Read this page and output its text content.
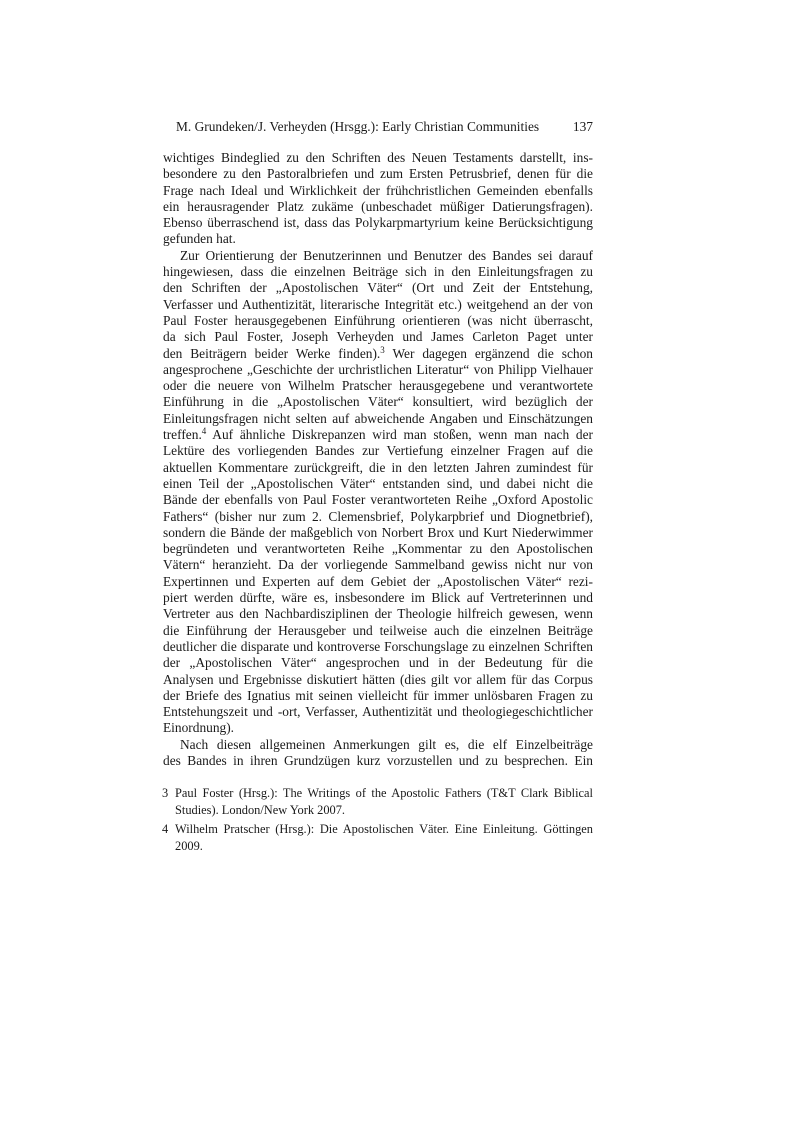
M. Grundeken/J. Verheyden (Hrsgg.): Early Christian Communities	137
wichtiges Bindeglied zu den Schriften des Neuen Testaments darstellt, ins-
besondere zu den Pastoralbriefen und zum Ersten Petrusbrief, denen für die
Frage nach Ideal und Wirklichkeit der frühchristlichen Gemeinden ebenfalls
ein herausragender Platz zukäme (unbeschadet müßiger Datierungsfragen).
Ebenso überraschend ist, dass das Polykarpmartyrium keine Berücksichtigung
gefunden hat.
Zur Orientierung der Benutzerinnen und Benutzer des Bandes sei darauf
hingewiesen, dass die einzelnen Beiträge sich in den Einleitungsfragen zu
den Schriften der „Apostolischen Väter“ (Ort und Zeit der Entstehung,
Verfasser und Authentizität, literarische Integrität etc.) weitgehend an der von
Paul Foster herausgegebenen Einführung orientieren (was nicht überrascht,
da sich Paul Foster, Joseph Verheyden und James Carleton Paget unter
den Beiträgern beider Werke finden).$^3$ Wer dagegen ergänzend die schon
angesprochene „Geschichte der urchristlichen Literatur“ von Philipp Vielhauer
oder die neuere von Wilhelm Pratscher herausgegebene und verantwortete
Einführung in die „Apostolischen Väter“ konsultiert, wird bezüglich der
Einleitungsfragen nicht selten auf abweichende Angaben und Einschätzungen
treffen.$^4$ Auf ähnliche Diskrepanzen wird man stoßen, wenn man nach der
Lektüre des vorliegenden Bandes zur Vertiefung einzelner Fragen auf die
aktuellen Kommentare zurückgreift, die in den letzten Jahren zumindest für
einen Teil der „Apostolischen Väter“ entstanden sind, und dabei nicht die
Bände der ebenfalls von Paul Foster verantworteten Reihe „Oxford Apostolic
Fathers“ (bisher nur zum 2. Clemensbrief, Polykarpbrief und Diognetbrief),
sondern die Bände der maßgeblich von Norbert Brox und Kurt Niederwimmer
begründeten und verantworteten Reihe „Kommentar zu den Apostolischen
Vätern“ heranzieht. Da der vorliegende Sammelband gewiss nicht nur von
Expertinnen und Experten auf dem Gebiet der „Apostolischen Väter“ rezi-
piert werden dürfte, wäre es, insbesondere im Blick auf Vertreterinnen und
Vertreter aus den Nachbardisziplinen der Theologie hilfreich gewesen, wenn
die Einführung der Herausgeber und teilweise auch die einzelnen Beiträge
deutlicher die disparate und kontroverse Forschungslage zu einzelnen Schriften
der „Apostolischen Väter“ angesprochen und in der Bedeutung für die
Analysen und Ergebnisse diskutiert hätten (dies gilt vor allem für das Corpus
der Briefe des Ignatius mit seinen vielleicht für immer unlösbaren Fragen zu
Entstehungszeit und -ort, Verfasser, Authentizität und theologiegeschichtlicher
Einordnung).
Nach diesen allgemeinen Anmerkungen gilt es, die elf Einzelbeiträge
des Bandes in ihren Grundzügen kurz vorzustellen und zu besprechen. Ein
3 Paul Foster (Hrsg.): The Writings of the Apostolic Fathers (T&T Clark Biblical
Studies). London/New York 2007.
4 Wilhelm Pratscher (Hrsg.): Die Apostolischen Väter. Eine Einleitung. Göttingen
2009.
